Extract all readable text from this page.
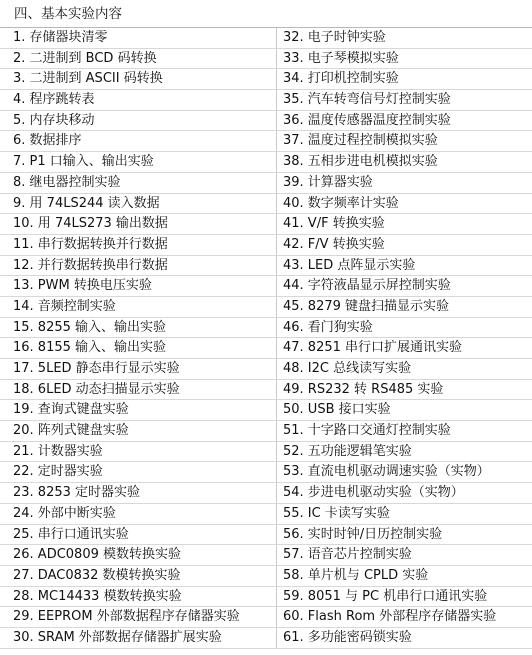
四、基本实验内容
1. 存储器块清零
2. 二进制到 BCD 码转换
3. 二进制到 ASCII 码转换
4. 程序跳转表
5. 内存块移动
6. 数据排序
7. P1 口输入、输出实验
8. 继电器控制实验
9. 用 74LS244 读入数据
10. 用 74LS273 输出数据
11. 串行数据转换并行数据
12. 并行数据转换串行数据
13. PWM 转换电压实验
14. 音频控制实验
15. 8255 输入、输出实验
16. 8155 输入、输出实验
17. 5LED 静态串行显示实验
18. 6LED 动态扫描显示实验
19. 查询式键盘实验
20. 阵列式键盘实验
21. 计数器实验
22. 定时器实验
23. 8253 定时器实验
24. 外部中断实验
25. 串行口通讯实验
26. ADC0809 模数转换实验
27. DAC0832 数模转换实验
28. MC14433 模数转换实验
29. EEPROM 外部数据程序存储器实验
30. SRAM 外部数据存储器扩展实验
32. 电子时钟实验
33. 电子琴模拟实验
34. 打印机控制实验
35. 汽车转弯信号灯控制实验
36. 温度传感器温度控制实验
37. 温度过程控制模拟实验
38. 五相步进电机模拟实验
39. 计算器实验
40. 数字频率计实验
41. V/F 转换实验
42. F/V 转换实验
43. LED 点阵显示实验
44. 字符液晶显示屏控制实验
45. 8279 键盘扫描显示实验
46. 看门狗实验
47. 8251 串行口扩展通讯实验
48. I2C 总线读写实验
49. RS232 转 RS485 实验
50. USB 接口实验
51. 十字路口交通灯控制实验
52. 五功能逻辑笔实验
53. 直流电机驱动调速实验（实物）
54. 步进电机驱动实验（实物）
55. IC 卡读写实验
56. 实时时钟/日历控制实验
57. 语音芯片控制实验
58. 单片机与 CPLD 实验
59. 8051 与 PC 机串行口通讯实验
60. Flash Rom 外部程序存储器实验
61. 多功能密码锁实验
